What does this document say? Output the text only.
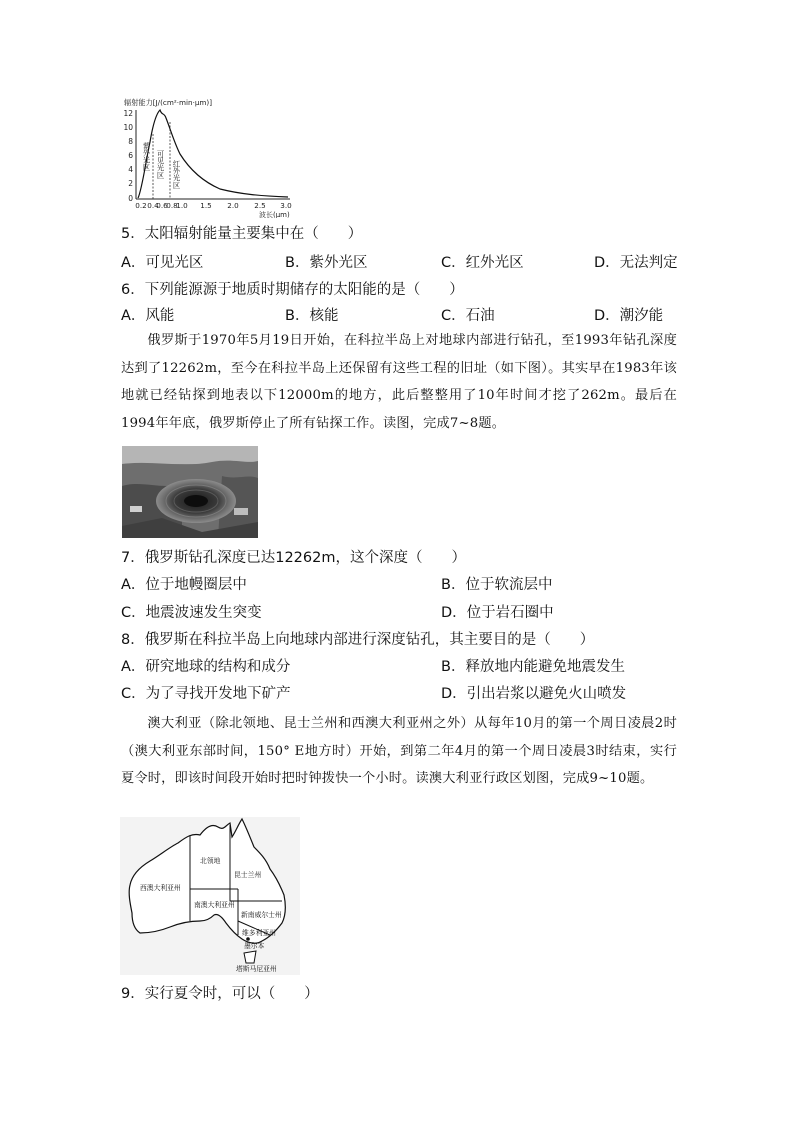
辐射能力[J/(cm²·min·μm)]
12
10
8
6
4
2
0
0.2 0.4
0.6
0.8
1.0 1.5 2.0 2.5 3.0
波长(μm)
紫外光区 可见光区 红外光区
5．太阳辐射能量主要集中在（　　）
A．可见光区	B．紫外光区	C．红外光区	D．无法判定
6．下列能源源于地质时期储存的太阳能的是（　　）
A．风能	B．核能	C．石油	D．潮汐能

俄罗斯于1970年5月19日开始，在科拉半岛上对地球内部进行钻孔，至1993年钻孔深度达到了12262m，至今在科拉半岛上还保留有这些工程的旧址（如下图）。其实早在1983年该地就已经钻探到地表以下12000m的地方，此后整整用了10年时间才挖了262m。最后在1994年年底，俄罗斯停止了所有钻探工作。读图，完成7~8题。

7．俄罗斯钻孔深度已达12262m，这个深度（　　）
A．位于地幔圈层中	B．位于软流层中
C．地震波速发生突变	D．位于岩石圈中
8．俄罗斯在科拉半岛上向地球内部进行深度钻孔，其主要目的是（　　）
A．研究地球的结构和成分	B．释放地内能避免地震发生
C．为了寻找开发地下矿产	D．引出岩浆以避免火山喷发

澳大利亚（除北领地、昆士兰州和西澳大利亚州之外）从每年10月的第一个周日凌晨2时（澳大利亚东部时间，150° E地方时）开始，到第二年4月的第一个周日凌晨3时结束，实行夏令时，即该时间段开始时把时钟拨快一个小时。读澳大利亚行政区划图，完成9~10题。

西澳大利亚州
北领地
昆士兰州
南澳大利亚州
新南威尔士州
维多利亚州
墨尔本
塔斯马尼亚州
9．实行夏令时，可以（　　）
